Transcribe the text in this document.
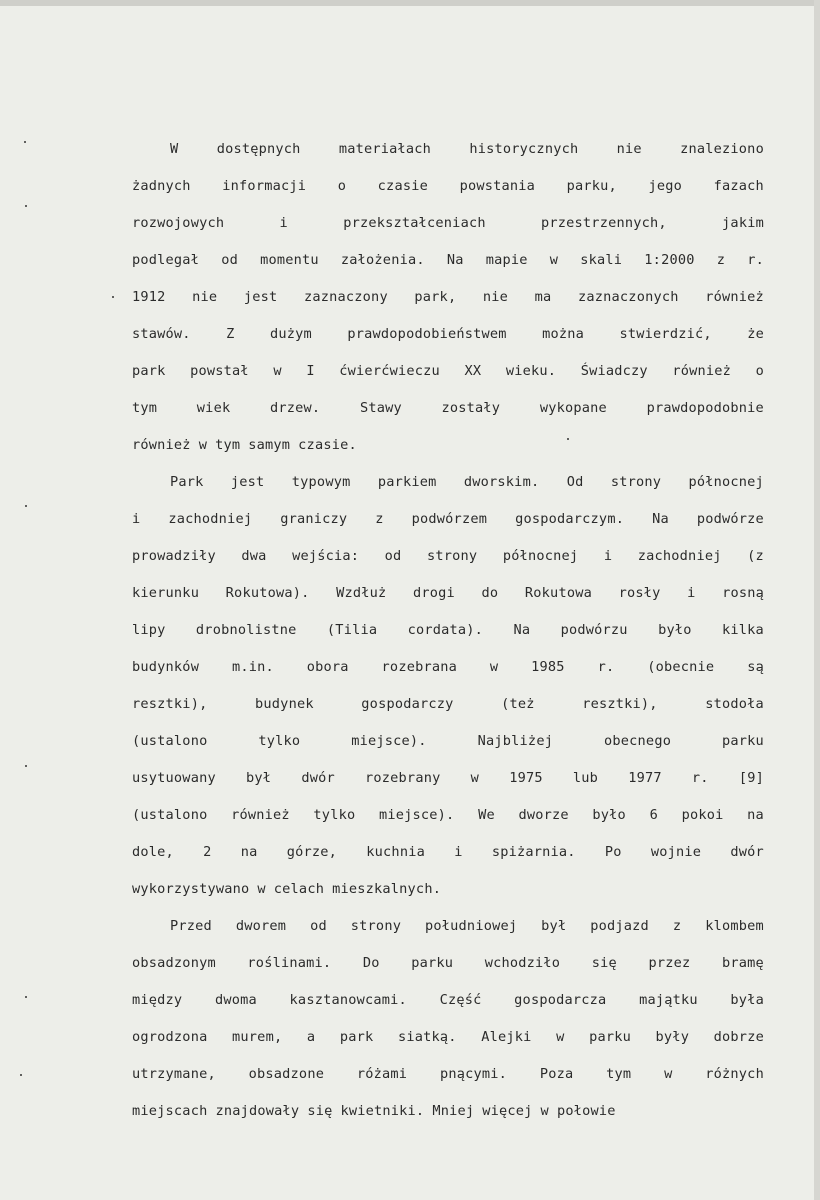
W	dostępnych	materiałach	historycznych	nie	znaleziono
żadnych informacji o czasie powstania parku, jego fazach
rozwojowych	i	przekształceniach	przestrzennych,	jakim
podlegał od momentu założenia. Na mapie w skali 1:2000 z r.
1912 nie jest zaznaczony park, nie ma zaznaczonych również
stawów.	Z	dużym	prawdopodobieństwem	można	stwierdzić,	że
park powstał w I ćwierćwieczu XX wieku. Świadczy również o
tym	wiek	drzew.	Stawy	zostały	wykopane	prawdopodobnie
również w tym samym czasie.
Park jest typowym parkiem dworskim. Od strony północnej
i zachodniej graniczy z podwórzem gospodarczym. Na podwórze
prowadziły dwa wejścia: od strony północnej i zachodniej (z
kierunku Rokutowa). Wzdłuż drogi do Rokutowa rosły i rosną
lipy drobnolistne (Tilia cordata). Na podwórzu było kilka
budynków m.in. obora rozebrana w 1985 r. (obecnie są
resztki),	budynek	gospodarczy	(też	resztki),	stodoła
(ustalono	tylko	miejsce).	Najbliżej	obecnego	parku
usytuowany był dwór rozebrany w 1975 lub 1977 r. [9]
(ustalono również tylko miejsce). We dworze było 6 pokoi na
dole, 2 na górze, kuchnia i spiżarnia. Po wojnie dwór
wykorzystywano w celach mieszkalnych.
Przed dworem od strony południowej był podjazd z klombem
obsadzonym roślinami. Do parku wchodziło się przez bramę
między dwoma kasztanowcami. Część gospodarcza majątku była
ogrodzona murem, a park siatką. Alejki w parku były dobrze
utrzymane, obsadzone różami pnącymi. Poza tym w różnych
miejscach znajdowały się kwietniki. Mniej więcej w połowie
